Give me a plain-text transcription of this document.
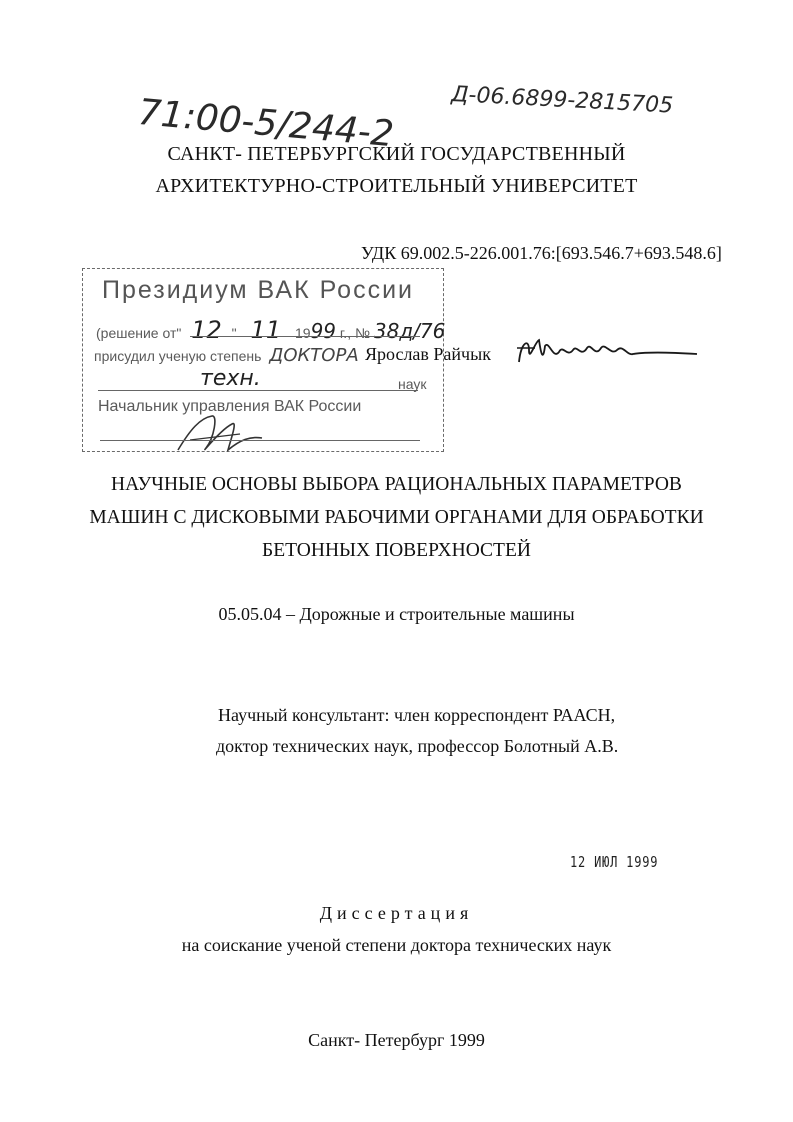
71:00-5/244-2	Д-06.6899-2815705
САНКТ- ПЕТЕРБУРГСКИЙ ГОСУДАРСТВЕННЫЙ
АРХИТЕКТУРНО-СТРОИТЕЛЬНЫЙ УНИВЕРСИТЕТ
УДК 69.002.5-226.001.76:[693.546.7+693.548.6]
Президиум ВАК России
(решение от" 12 " 11 1999 г., № 38д/76
присудил ученую степень ДОКТОРА
техн.	наук
Начальник управления ВАК России
Ярослав Райчык
НАУЧНЫЕ ОСНОВЫ ВЫБОРА РАЦИОНАЛЬНЫХ ПАРАМЕТРОВ
МАШИН С ДИСКОВЫМИ РАБОЧИМИ ОРГАНАМИ ДЛЯ ОБРАБОТКИ
БЕТОННЫХ ПОВЕРХНОСТЕЙ
05.05.04 – Дорожные и строительные машины
Научный консультант: член корреспондент РААСН,
доктор технических наук, профессор Болотный А.В.
12 ИЮЛ 1999
Диссертация
на соискание ученой степени доктора технических наук
Санкт- Петербург 1999
